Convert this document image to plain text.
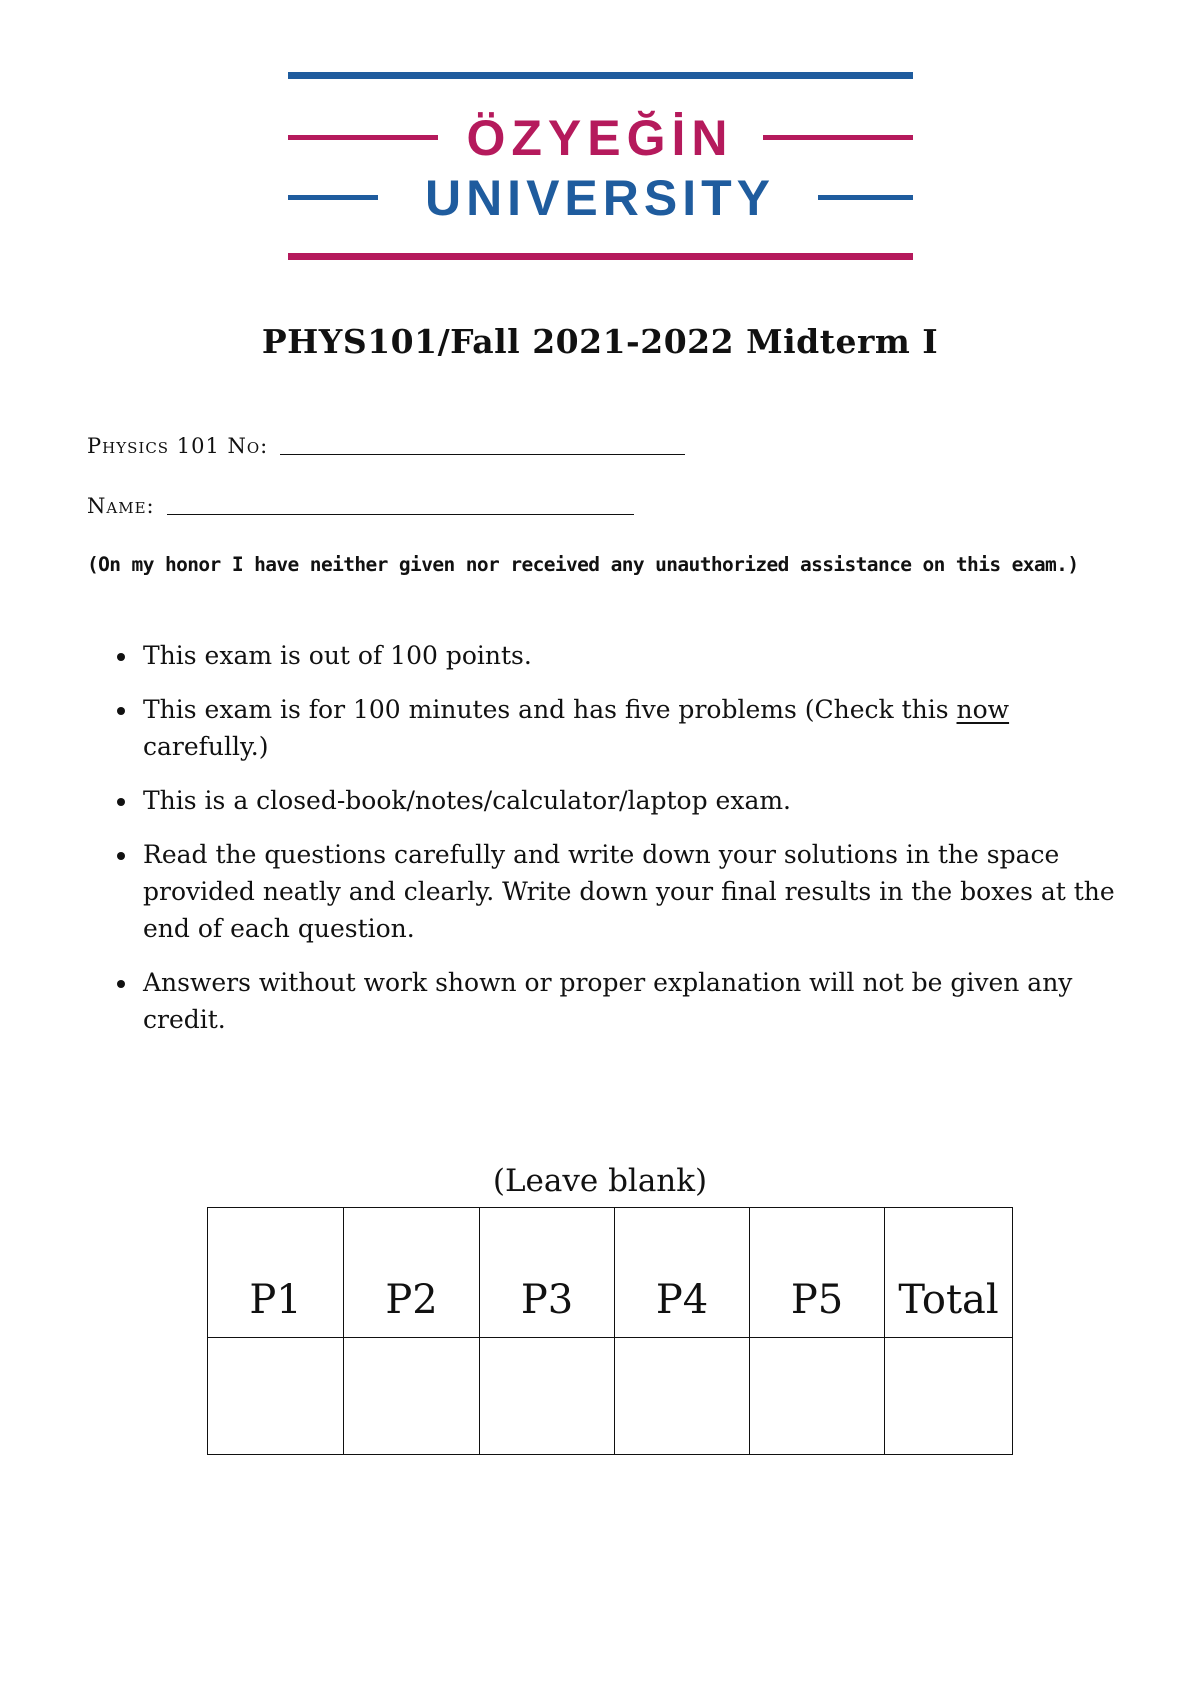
ÖZYEĞİN
UNIVERSITY
PHYS101/Fall 2021-2022 Midterm I
Physics 101 No:
Name:
(On my honor I have neither given nor received any unauthorized assistance on this exam.)
This exam is out of 100 points.
This exam is for 100 minutes and has five problems (Check this now carefully.)
This is a closed-book/notes/calculator/laptop exam.
Read the questions carefully and write down your solutions in the space provided neatly and clearly. Write down your final results in the boxes at the end of each question.
Answers without work shown or proper explanation will not be given any credit.
(Leave blank)
P1	P2	P3	P4	P5	Total
